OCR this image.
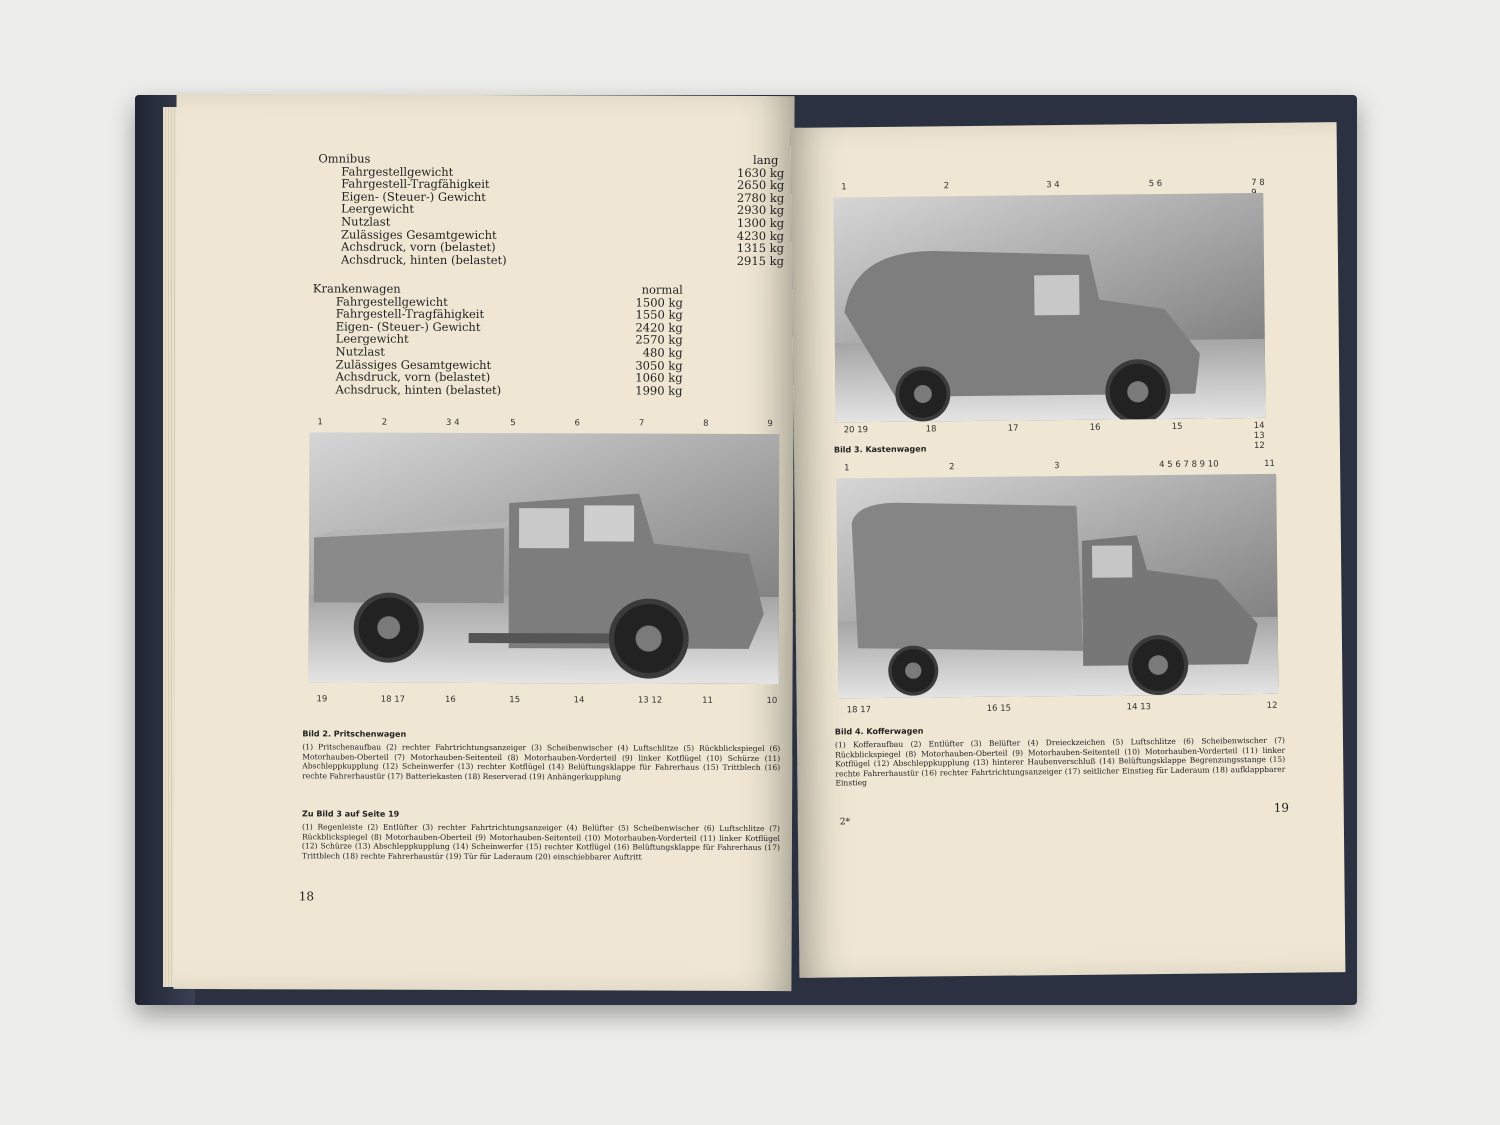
Omnibus	lang
Fahrgestellgewicht	1630 kg
Fahrgestell-Tragfähigkeit	2650 kg
Eigen- (Steuer-) Gewicht	2780 kg
Leergewicht	2930 kg
Nutzlast	1300 kg
Zulässiges Gesamtgewicht	4230 kg
Achsdruck, vorn (belastet)	1315 kg
Achsdruck, hinten (belastet)	2915 kg
Krankenwagen	normal
Fahrgestellgewicht	1500 kg
Fahrgestell-Tragfähigkeit	1550 kg
Eigen- (Steuer-) Gewicht	2420 kg
Leergewicht	2570 kg
Nutzlast	480 kg
Zulässiges Gesamtgewicht	3050 kg
Achsdruck, vorn (belastet)	1060 kg
Achsdruck, hinten (belastet)	1990 kg
1	2	3 4	5	6	7	8	9
19	18 17	16	15	14	13 12	11	10
Bild 2. Pritschenwagen
(1) Pritschenaufbau (2) rechter Fahrtrichtungsanzeiger (3) Scheibenwischer (4) Luftschlitze (5) Rückblickspiegel (6) Motorhauben-Oberteil (7) Motorhauben-Seitenteil (8) Motorhauben-Vorderteil (9) linker Kotflügel (10) Schürze (11) Abschleppkupplung (12) Scheinwerfer (13) rechter Kotflügel (14) Belüftungsklappe für Fahrerhaus (15) Trittblech (16) rechte Fahrerhaustür (17) Batteriekasten (18) Reserverad (19) Anhängerkupplung
Zu Bild 3 auf Seite 19
(1) Regenleiste (2) Entlüfter (3) rechter Fahrtrichtungsanzeiger (4) Belüfter (5) Scheibenwischer (6) Luftschlitze (7) Rückblickspiegel (8) Motorhauben-Oberteil (9) Motorhauben-Seitenteil (10) Motorhauben-Vorderteil (11) linker Kotflügel (12) Schürze (13) Abschleppkupplung (14) Scheinwerfer (15) rechter Kotflügel (16) Belüftungsklappe für Fahrerhaus (17) Trittblech (18) rechte Fahrerhaustür (19) Tür für Laderaum (20) einschiebbarer Auftritt
18
1	2	3 4	5 6	7 8
20 19	18	17	16	15	14 13 12
Bild 3. Kastenwagen
1	2	3	4 5 6 7 8 9 10	11
18 17	16 15	14 13	12
Bild 4. Kofferwagen
(1) Kofferaufbau (2) Entlüfter (3) Belüfter (4) Dreieckzeichen (5) Luftschlitze (6) Scheibenwischer (7) Rückblickspiegel (8) Motorhauben-Oberteil (9) Motorhauben-Seitenteil (10) Motorhauben-Vorderteil (11) linker Kotflügel (12) Abschleppkupplung (13) hinterer Haubenverschluß (14) Belüftungsklappe Begrenzungsstange (15) rechte Fahrerhaustür (16) rechter Fahrtrichtungsanzeiger (17) seitlicher Einstieg für Laderaum (18) aufklappbarer Einstieg
2*
19
